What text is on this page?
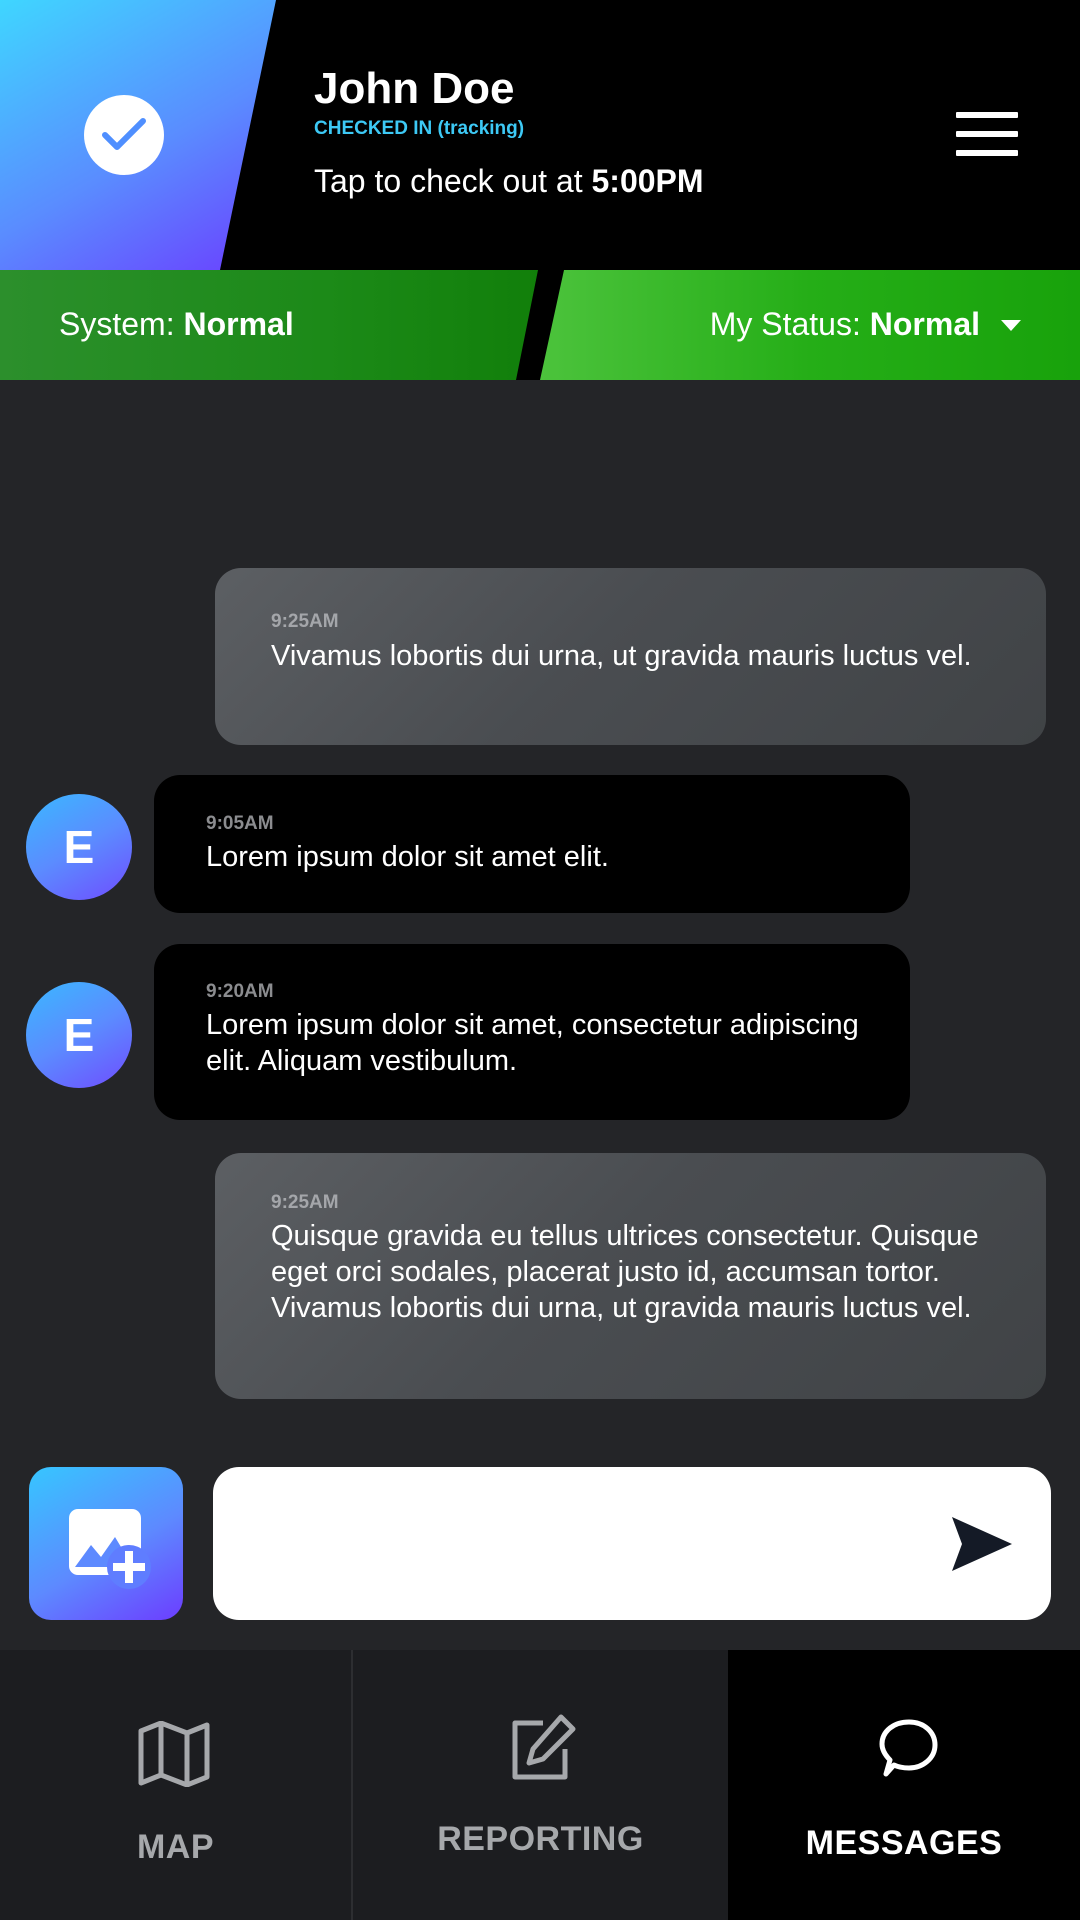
John Doe
CHECKED IN (tracking)
Tap to check out at 5:00PM
System: Normal	My Status: Normal
9:25AM
Vivamus lobortis dui urna, ut gravida mauris luctus vel.
E	9:05AM
Lorem ipsum dolor sit amet elit.
E
9:20AM
Lorem ipsum dolor sit amet, consectetur adipiscing elit. Aliquam vestibulum.
9:25AM
Quisque gravida eu tellus ultrices consectetur. Quisque eget orci sodales, placerat justo id, accumsan tortor. Vivamus lobortis dui urna, ut gravida mauris luctus vel.
MAP	REPORTING	MESSAGES
